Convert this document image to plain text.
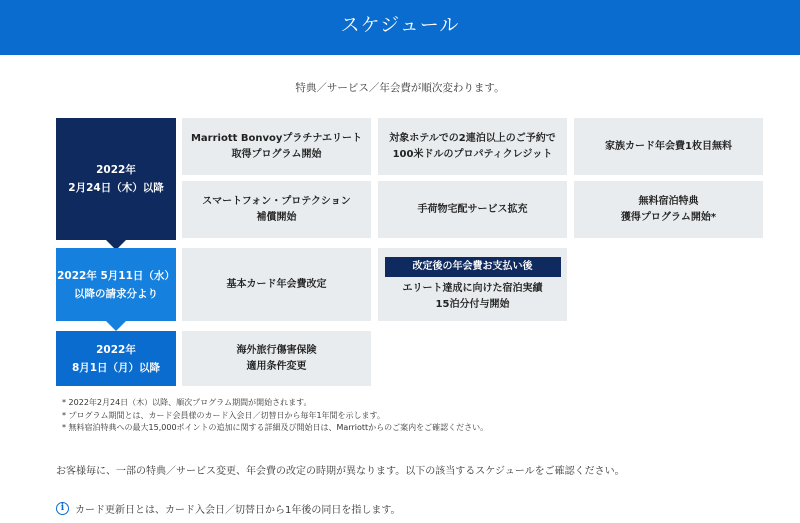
スケジュール
特典／サービス／年会費が順次変わります。
2022年
2月24日（木）以降
2022年 5月11日（水）
以降の請求分より
2022年
8月1日（月）以降
Marriott Bonvoyプラチナエリート
取得プログラム開始
対象ホテルでの2連泊以上のご予約で
100米ドルのプロパティクレジット
家族カード年会費1枚目無料
スマートフォン・プロテクション
補償開始
手荷物宅配サービス拡充
無料宿泊特典
獲得プログラム開始*
基本カード年会費改定
改定後の年会費お支払い後
エリート達成に向けた宿泊実績
15泊分付与開始
海外旅行傷害保険
適用条件変更
* 2022年2月24日（木）以降、順次プログラム期間が開始されます。
* プログラム期間とは、カード会員様のカード入会日／切替日から毎年1年間を示します。
* 無料宿泊特典への最大15,000ポイントの追加に関する詳細及び開始日は、Marriottからのご案内をご確認ください。
お客様毎に、一部の特典／サービス変更、年会費の改定の時期が異なります。以下の該当するスケジュールをご確認ください。
i	カード更新日とは、カード入会日／切替日から1年後の同日を指します。
